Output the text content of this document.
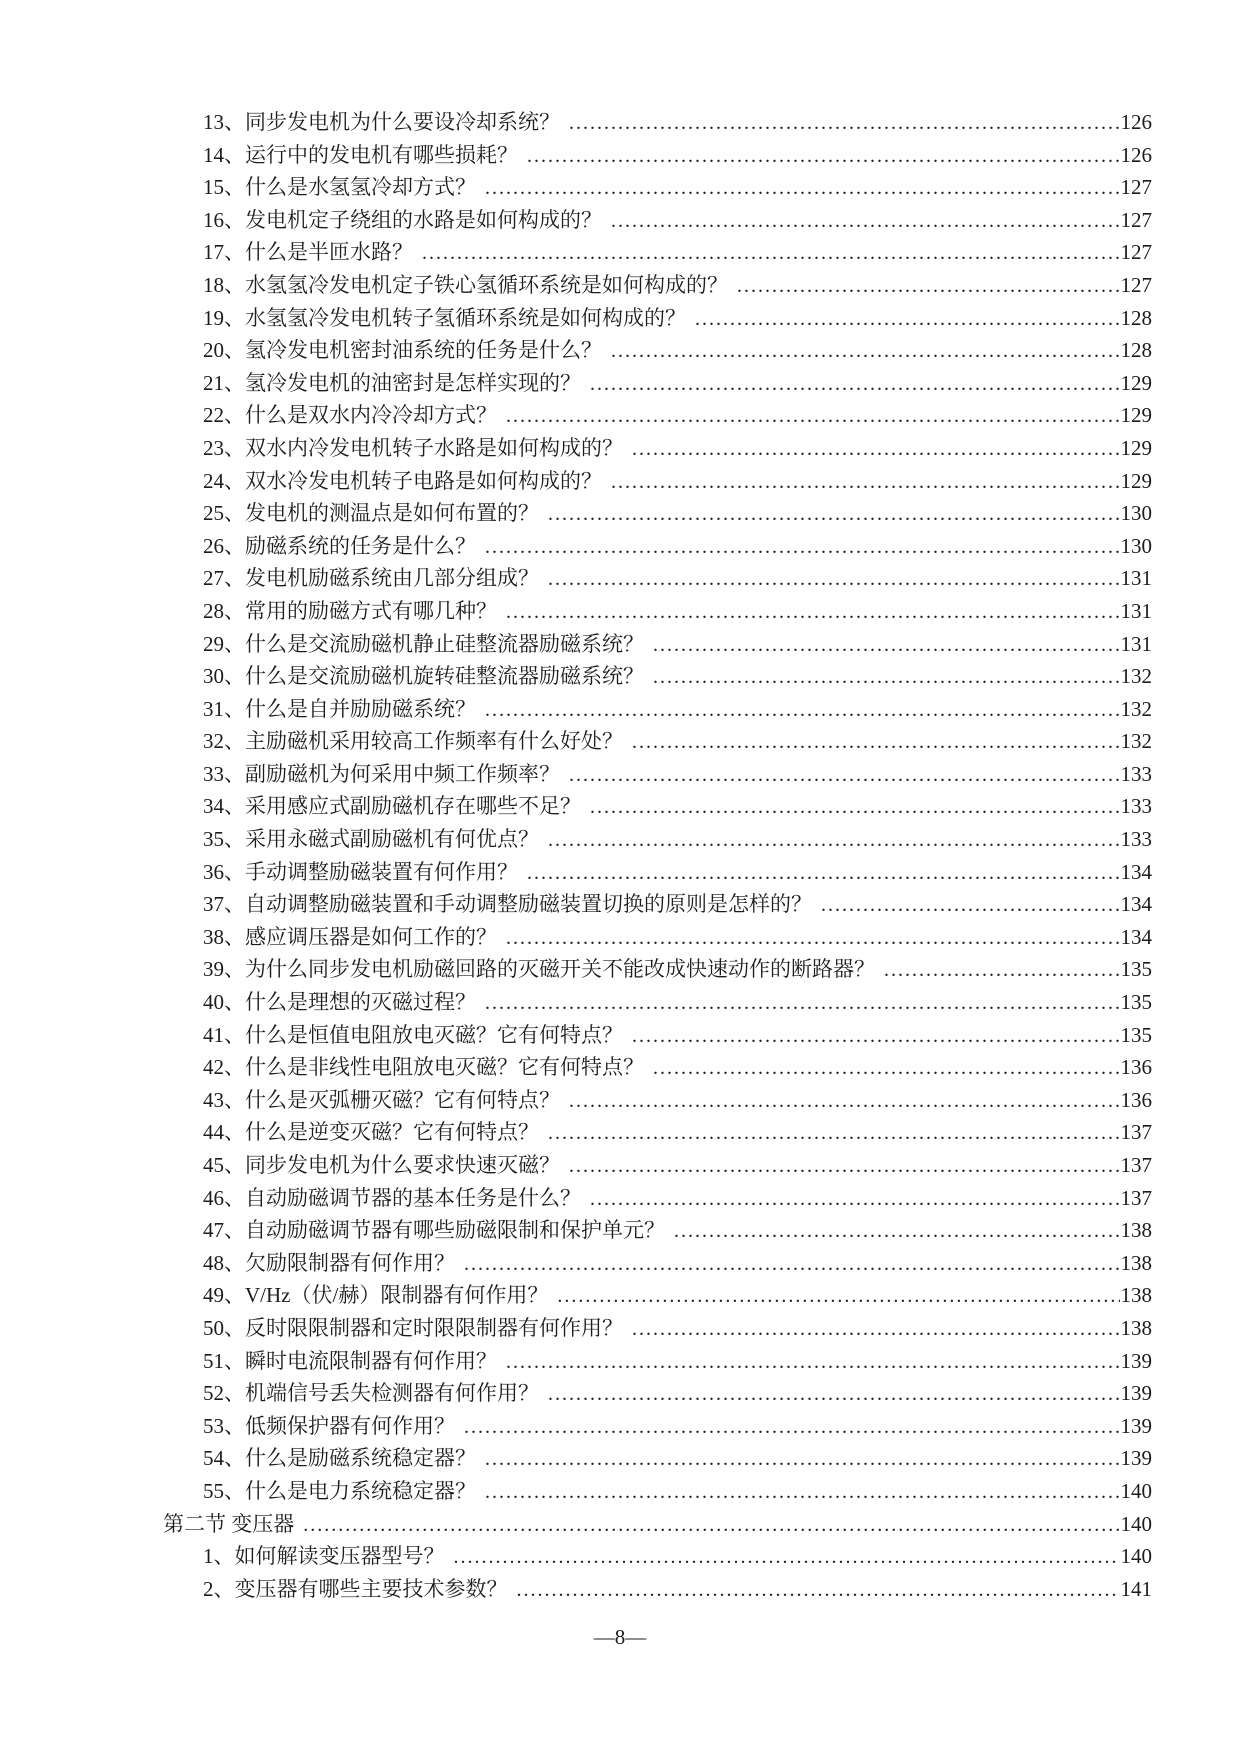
13、同步发电机为什么要设冷却系统？ .....	126
14、运行中的发电机有哪些损耗？ .....	126
15、什么是水氢氢冷却方式？ .....	127
16、发电机定子绕组的水路是如何构成的？ .....	127
17、什么是半匝水路？ .....	127
18、水氢氢冷发电机定子铁心氢循环系统是如何构成的？ .....	127
19、水氢氢冷发电机转子氢循环系统是如何构成的？ .....	128
20、氢冷发电机密封油系统的任务是什么？ .....	128
21、氢冷发电机的油密封是怎样实现的？ .....	129
22、什么是双水内冷冷却方式？ .....	129
23、双水内冷发电机转子水路是如何构成的？ .....	129
24、双水冷发电机转子电路是如何构成的？ .....	129
25、发电机的测温点是如何布置的？ .....	130
26、励磁系统的任务是什么？ .....	130
27、发电机励磁系统由几部分组成？ .....	131
28、常用的励磁方式有哪几种？ .....	131
29、什么是交流励磁机静止硅整流器励磁系统？ .....	131
30、什么是交流励磁机旋转硅整流器励磁系统？ .....	132
31、什么是自并励励磁系统？ .....	132
32、主励磁机采用较高工作频率有什么好处？ .....	132
33、副励磁机为何采用中频工作频率？ .....	133
34、采用感应式副励磁机存在哪些不足？ .....	133
35、采用永磁式副励磁机有何优点？ .....	133
36、手动调整励磁装置有何作用？ .....	134
37、自动调整励磁装置和手动调整励磁装置切换的原则是怎样的？ .....	134
38、感应调压器是如何工作的？ .....	134
39、为什么同步发电机励磁回路的灭磁开关不能改成快速动作的断路器？ .....	135
40、什么是理想的灭磁过程？ .....	135
41、什么是恒值电阻放电灭磁？它有何特点？ .....	135
42、什么是非线性电阻放电灭磁？它有何特点？ .....	136
43、什么是灭弧栅灭磁？它有何特点？ .....	136
44、什么是逆变灭磁？它有何特点？ .....	137
45、同步发电机为什么要求快速灭磁？ .....	137
46、自动励磁调节器的基本任务是什么？ .....	137
47、自动励磁调节器有哪些励磁限制和保护单元？ .....	138
48、欠励限制器有何作用？ .....	138
49、V/Hz（伏/赫）限制器有何作用？ .....	138
50、反时限限制器和定时限限制器有何作用？ .....	138
51、瞬时电流限制器有何作用？ .....	139
52、机端信号丢失检测器有何作用？ .....	139
53、低频保护器有何作用？ .....	139
54、什么是励磁系统稳定器？ .....	139
55、什么是电力系统稳定器？ .....	140
第二节 变压器 .....	140
1、如何解读变压器型号？ .....	140
2、变压器有哪些主要技术参数？ .....	141
—8—
